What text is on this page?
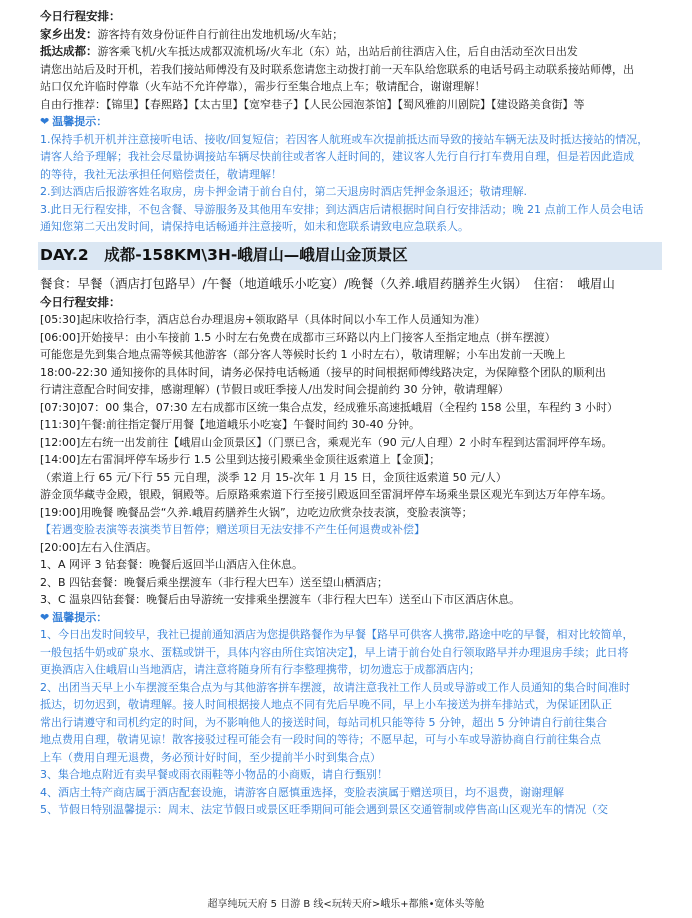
今日行程安排：
家乡出发：游客持有效身份证件自行前往出发地机场/火车站；
抵达成都：游客乘飞机/火车抵达成都双流机场/火车北（东）站，出站后前往酒店入住，后自由活动至次日出发
请您出站后及时开机，若我们接站师傅没有及时联系您请您主动拨打前一天车队给您联系的电话号码主动联系接站师傅，出
站口仅允许临时停靠（火车站不允许停靠），需步行至集合地点上车；敬请配合，谢谢理解！
自由行推荐：【锦里】【春熙路】【太古里】【宽窄巷子】【人民公园泡茶馆】【蜀风雅韵川剧院】【建设路美食街】等
❤ 温馨提示：
1.保持手机开机并注意接听电话、接收/回复短信；若因客人航班或车次提前抵达而导致的接站车辆无法及时抵达接站的情况，
请客人给予理解；我社会尽量协调接站车辆尽快前往或者客人赶时间的，建议客人先行自行打车费用自理，但是若因此造成
的等待，我社无法承担任何赔偿责任，敬请理解！
2.到达酒店后报游客姓名取房，房卡押金请于前台自付，第二天退房时酒店凭押金条退还；敬请理解.
3.此日无行程安排，不包含餐、导游服务及其他用车安排；到达酒店后请根据时间自行安排活动；晚 21 点前工作人员会电话
通知您第二天出发时间，请保持电话畅通并注意接听，如未和您联系请致电应急联系人。
DAY.2　成都-158KM\3H-峨眉山—峨眉山金顶景区
餐食：早餐（酒店打包路早）/午餐（地道峨乐小吃宴）/晚餐（久养.峨眉药膳养生火锅）　住宿：　峨眉山
今日行程安排：
[05:30]起床收拾行李，酒店总台办理退房+领取路早（具体时间以小车工作人员通知为准）
[06:00]开始接早：由小车接前 1.5 小时左右免费在成都市三环路以内上门接客人至指定地点（拼车摆渡）
可能您是先到集合地点需等候其他游客（部分客人等候时长约 1 小时左右），敬请理解；小车出发前一天晚上
18:00-22:30 通知接你的具体时间，请务必保持电话畅通（接早的时间根据师傅线路决定，为保障整个团队的顺利出
行请注意配合时间安排，感谢理解）(节假日或旺季接人/出发时间会提前约 30 分钟，敬请理解）
[07:30]07：00 集合，07:30 左右成都市区统一集合点发，经成雅乐高速抵峨眉（全程约 158 公里，车程约 3 小时）
[11:30]午餐:前往指定餐厅用餐【地道峨乐小吃宴】午餐时间约 30-40 分钟。
[12:00]左右统一出发前往【峨眉山金顶景区】（门票已含，乘观光车（90 元/人自理）2 小时车程到达雷洞坪停车场。
[14:00]左右雷洞坪停车场步行 1.5 公里到达接引殿乘坐金顶往返索道上【金顶】；
（索道上行 65 元/下行 55 元自理，淡季 12 月 15-次年 1 月 15 日，金顶往返索道 50 元/人）
游金顶华藏寺金殿，银殿，铜殿等。后原路乘索道下行至接引殿返回至雷洞坪停车场乘坐景区观光车到达万年停车场。
[19:00]用晚餐 晚餐品尝“久养.峨眉药膳养生火锅”，边吃边欣赏杂技表演，变脸表演等；
【若遇变脸表演等表演类节目暂停；赠送项目无法安排不产生任何退费或补偿】
[20:00]左右入住酒店。
1、A 网评 3 钻套餐：晚餐后返回半山酒店入住休息。
2、B 四钻套餐：晚餐后乘坐摆渡车（非行程大巴车）送至望山栖酒店；
3、C 温泉四钻套餐：晚餐后由导游统一安排乘坐摆渡车（非行程大巴车）送至山下市区酒店休息。
❤ 温馨提示：
1、今日出发时间较早，我社已提前通知酒店为您提供路餐作为早餐【路早可供客人携带,路途中吃的早餐，相对比较简单，
一般包括牛奶或矿泉水、蛋糕或饼干，具体内容由所住宾馆决定】，早上请于前台处自行领取路早并办理退房手续；此日将
更换酒店入住峨眉山当地酒店，请注意将随身所有行李整理携带，切勿遗忘于成都酒店内；
2、出团当天早上小车摆渡至集合点为与其他游客拼车摆渡，故请注意我社工作人员或导游或工作人员通知的集合时间准时
抵达，切勿迟到，敬请理解。接人时间根据接人地点不同有先后早晚不同，早上小车接送为拼车排站式，为保证团队正
常出行请遵守和司机约定的时间，为不影响他人的接送时间，每站司机只能等待 5 分钟，超出 5 分钟请自行前往集合
地点费用自理，敬请见谅！散客接驳过程可能会有一段时间的等待；不愿早起，可与小车或导游协商自行前往集合点
上车（费用自理无退费，务必预计好时间，至少提前半小时到集合点）
3、集合地点附近有卖早餐或雨衣雨鞋等小物品的小商贩，请自行甄别！
4、酒店土特产商店属于酒店配套设施，请游客自愿慎重选择，变脸表演属于赠送项目，均不退费，谢谢理解
5、节假日特别温馨提示：周末、法定节假日或景区旺季期间可能会遇到景区交通管制或停售高山区观光车的情况（交
超享纯玩天府 5 日游 B 线<玩转天府>峨乐+都熊•宽体头等舱
